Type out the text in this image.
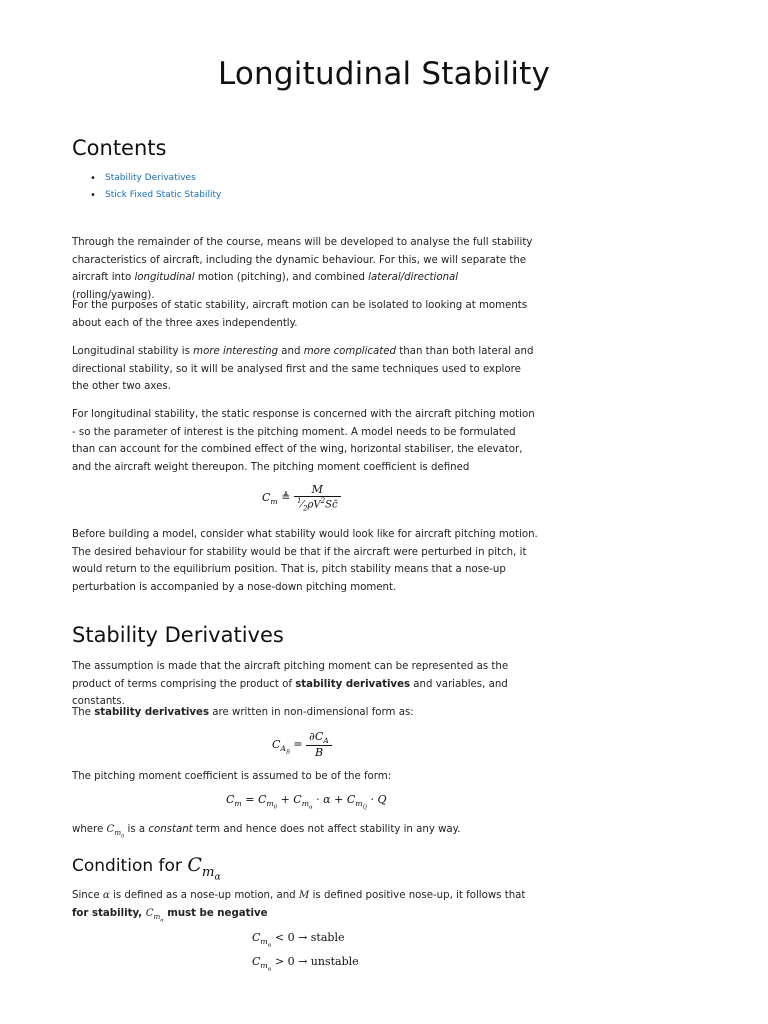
Longitudinal Stability
Contents
• Stability Derivatives
• Stick Fixed Static Stability

Through the remainder of the course, means will be developed to analyse the full stability characteristics of aircraft, including the dynamic behaviour. For this, we will separate the aircraft into longitudinal motion (pitching), and combined lateral/directional (rolling/yawing).

For the purposes of static stability, aircraft motion can be isolated to looking at moments about each of the three axes independently.

Longitudinal stability is more interesting and more complicated than than both lateral and directional stability, so it will be analysed first and the same techniques used to explore the other two axes.

For longitudinal stability, the static response is concerned with the aircraft pitching motion - so the parameter of interest is the pitching moment. A model needs to be formulated than can account for the combined effect of the wing, horizontal stabiliser, the elevator, and the aircraft weight thereupon. The pitching moment coefficient is defined

$C_m$ ≜ $\frac{M}{^1⁄_2\rho V^2Sc̄}$

Before building a model, consider what stability would look like for aircraft pitching motion. The desired behaviour for stability would be that if the aircraft were perturbed in pitch, it would return to the equilibrium position. That is, pitch stability means that a nose-up perturbation is accompanied by a nose-down pitching moment.

Stability Derivatives

The assumption is made that the aircraft pitching moment can be represented as the product of terms comprising the product of stability derivatives and variables, and constants.

The stability derivatives are written in non-dimensional form as:

$C_{A_B} = \frac{\partial C_A}{B}$

The pitching moment coefficient is assumed to be of the form:

$C_m = C_{m_0} + C_{m_\alpha} \cdot \alpha + C_{m_Q} \cdot Q$

where $C_{m_0}$ is a constant term and hence does not affect stability in any way.

Condition for $C_{m_\alpha}$

Since α is defined as a nose-up motion, and M is defined positive nose-up, it follows that for stability, $C_{m_\alpha}$ must be negative

$C_{m_\alpha} < 0$ → stable
$C_{m_\alpha} > 0$ → unstable
